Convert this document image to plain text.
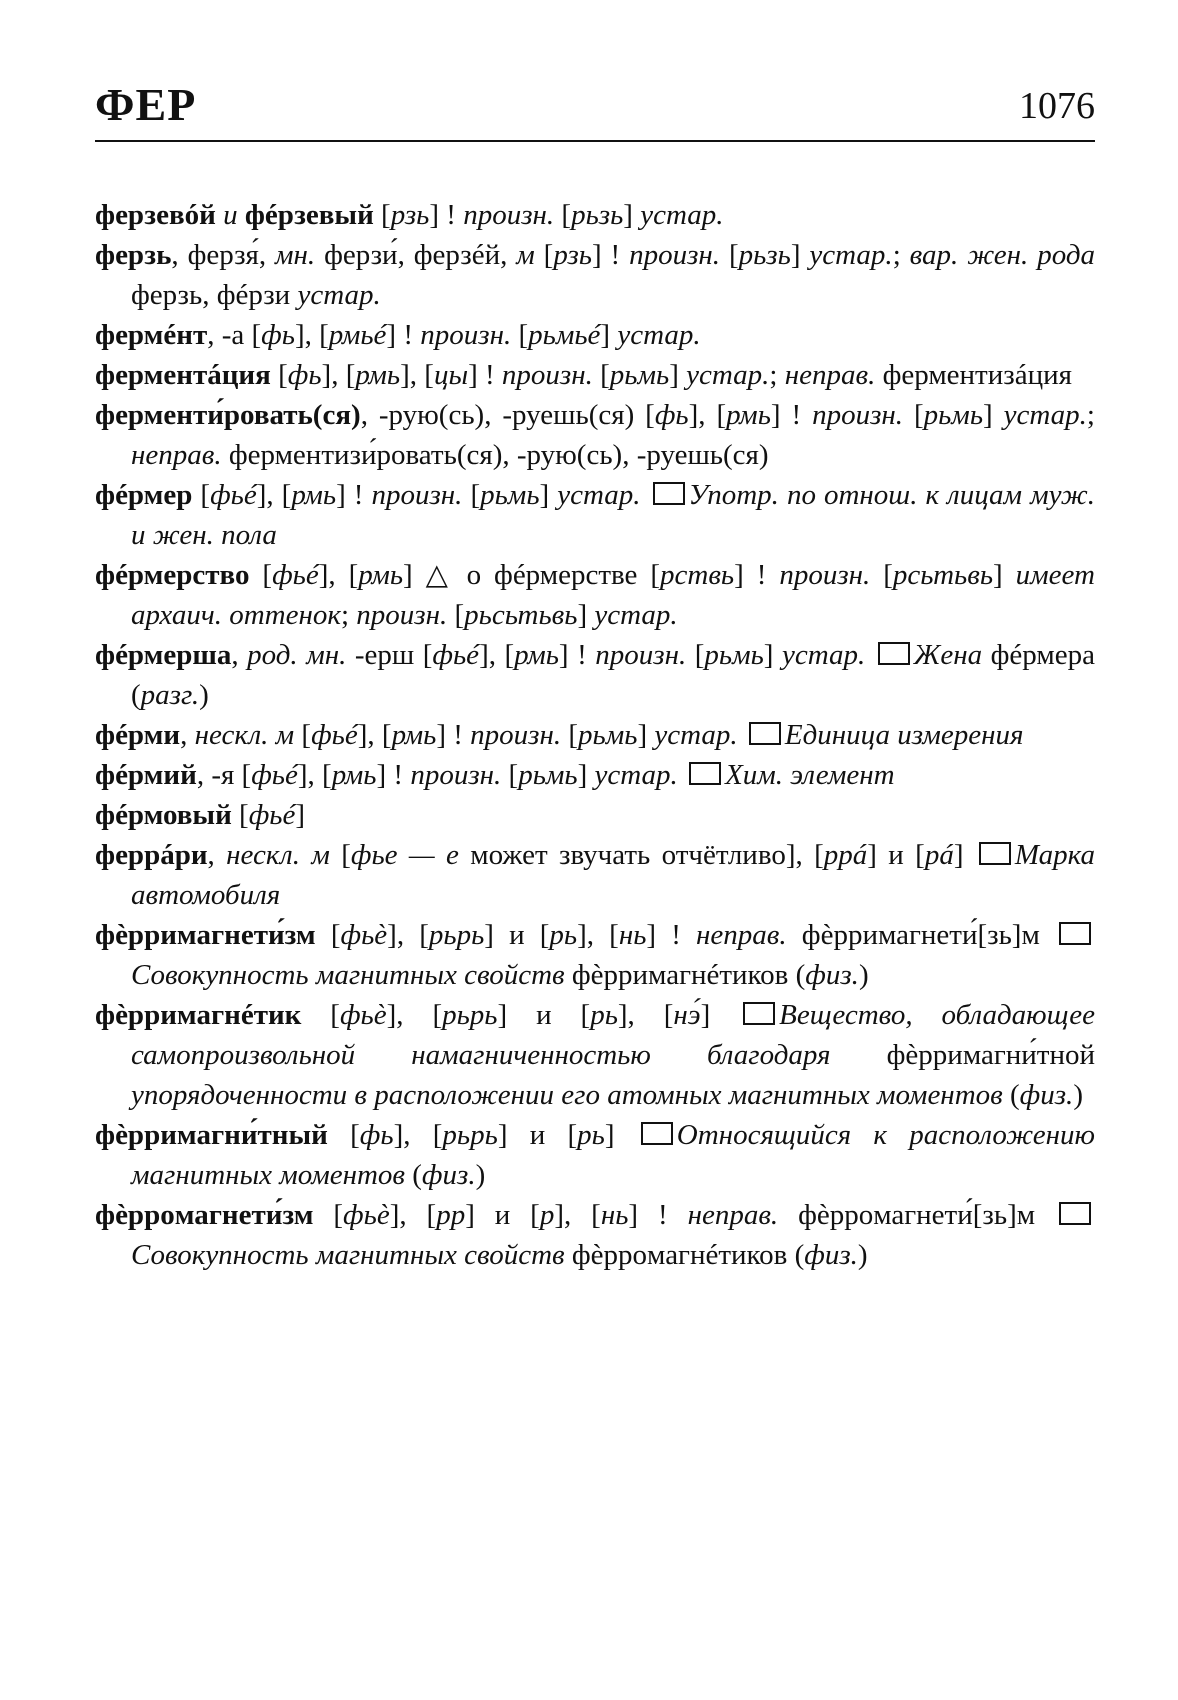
ФЕР	1076

ферзевóй и фéрзевый [рзь] ! произн. [рьзь] устар.

ферзь, ферзя́, мн. ферзи́, ферзéй, м [рзь] ! произн. [рьзь] устар.; вар. жен. рода ферзь, фéрзи устар.

фермéнт, -а [фь], [рмьé] ! произн. [рьмьé] устар.

ферментáция [фь], [рмь], [цы] ! произн. [рьмь] устар.; неправ. ферментизáция

ферменти́ровать(ся), -рую(сь), -руешь(ся) [фь], [рмь] ! произн. [рьмь] устар.; неправ. ферментизи́ровать(ся), -рую(сь), -руешь(ся)

фéрмер [фьé], [рмь] ! произн. [рьмь] устар. Употр. по отнош. к лицам муж. и жен. пола

фéрмерство [фьé], [рмь] △ о фéрмерстве [рствь] ! произн. [рсьтьвь] имеет архаич. оттенок; произн. [рьсьтьвь] устар.

фéрмерша, род. мн. -ерш [фьé], [рмь] ! произн. [рьмь] устар. Жена фéрмера (разг.)

фéрми, нескл. м [фьé], [рмь] ! произн. [рьмь] устар. Единица измерения

фéрмий, -я [фьé], [рмь] ! произн. [рьмь] устар. Хим. элемент

фéрмовый [фьé]

феррáри, нескл. м [фье — е может звучать отчётливо], [ррá] и [рá] Марка автомобиля

фѐрримагнети́зм [фьѐ], [рьрь] и [рь], [нь] ! неправ. фѐрримагнети́[зь]м Совокупность магнитных свойств фѐрримагнéтиков (физ.)

фѐрримагнéтик [фьѐ], [рьрь] и [рь], [нэ́] Вещество, обладающее самопроизвольной намагниченностью благодаря фѐрримагни́тной упорядоченности в расположении его атомных магнитных моментов (физ.)

фѐрримагни́тный [фь], [рьрь] и [рь] Относящийся к расположению магнитных моментов (физ.)

фѐррoмагнети́зм [фьѐ], [рр] и [р], [нь] ! неправ. фѐррoмагнети́[зь]м Совокупность магнитных свойств фѐррoмагнéтиков (физ.)
